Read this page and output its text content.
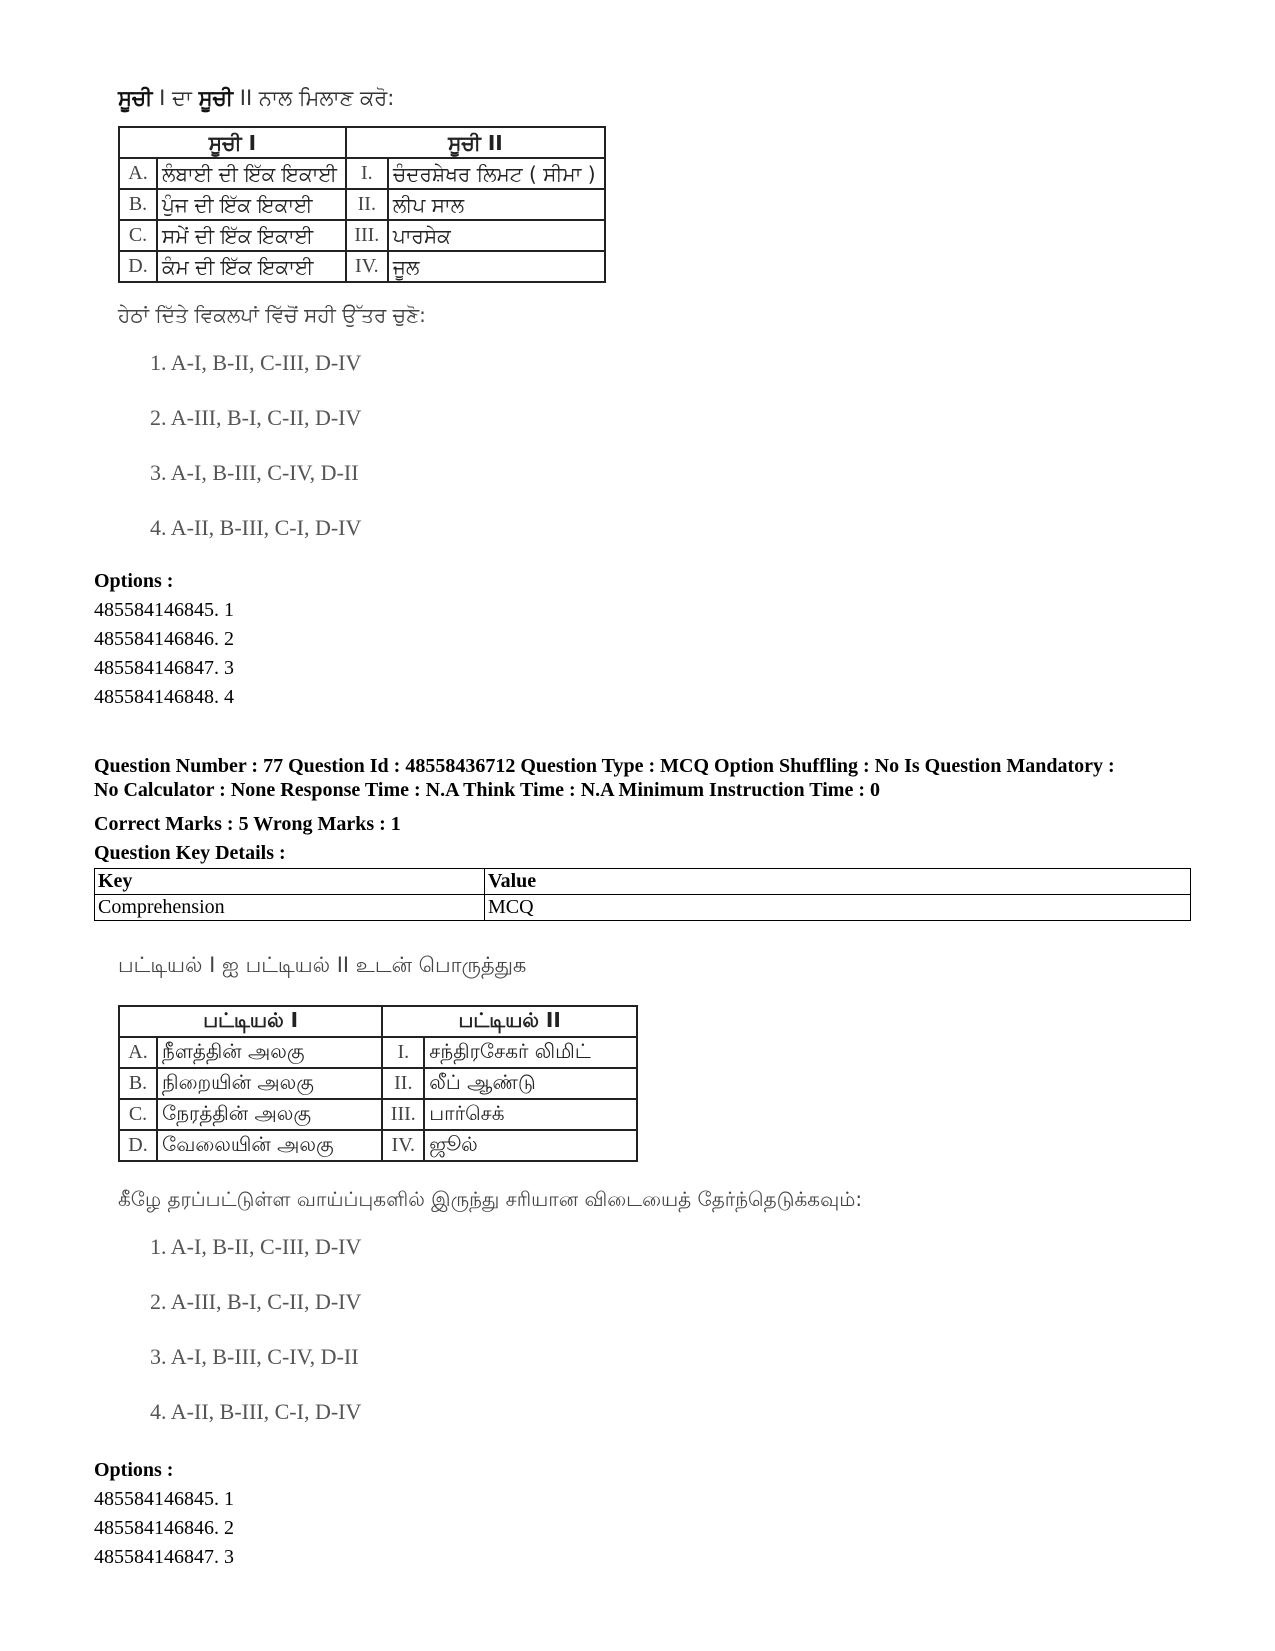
ਸੂਚੀ I ਦਾ ਸੂਚੀ II ਨਾਲ ਮਿਲਾਣ ਕਰੋ:
ਸੂਚੀ I		ਸੂਚੀ II	
A.	ਲੰਬਾਈ ਦੀ ਇੱਕ ਇਕਾਈ	I.	ਚੰਦਰਸ਼ੇਖਰ ਲਿਮਟ ( ਸੀਮਾ )
B.	ਪੁੰਜ ਦੀ ਇੱਕ ਇਕਾਈ	II.	ਲੀਪ ਸਾਲ
C.	ਸਮੇਂ ਦੀ ਇੱਕ ਇਕਾਈ	III.	ਪਾਰਸੇਕ
D.	ਕੰਮ ਦੀ ਇੱਕ ਇਕਾਈ	IV.	ਜੂਲ
ਹੇਠਾਂ ਦਿੱਤੇ ਵਿਕਲਪਾਂ ਵਿੱਚੋਂ ਸਹੀ ਉੱਤਰ ਚੁਣੋ:
1. A-I, B-II, C-III, D-IV
2. A-III, B-I, C-II, D-IV
3. A-I, B-III, C-IV, D-II
4. A-II, B-III, C-I, D-IV
Options :
485584146845. 1
485584146846. 2
485584146847. 3
485584146848. 4
Question Number : 77 Question Id : 48558436712 Question Type : MCQ Option Shuffling : No Is Question Mandatory :
No Calculator : None Response Time : N.A Think Time : N.A Minimum Instruction Time : 0
Correct Marks : 5 Wrong Marks : 1
Question Key Details :
Key	Value
Comprehension	MCQ
பட்டியல் I ஐ பட்டியல் II உடன் பொருத்துக
பட்டியல் I		பட்டியல் II	
A.	நீளத்தின் அலகு	I.	சந்திரசேகர் லிமிட்
B.	நிறையின் அலகு	II.	லீப் ஆண்டு
C.	நேரத்தின் அலகு	III.	பார்செக்
D.	வேலையின் அலகு	IV.	ஜூல்
கீழே தரப்பட்டுள்ள வாய்ப்புகளில் இருந்து சரியான விடையைத் தேர்ந்தெடுக்கவும்:
1. A-I, B-II, C-III, D-IV
2. A-III, B-I, C-II, D-IV
3. A-I, B-III, C-IV, D-II
4. A-II, B-III, C-I, D-IV
Options :
485584146845. 1
485584146846. 2
485584146847. 3
